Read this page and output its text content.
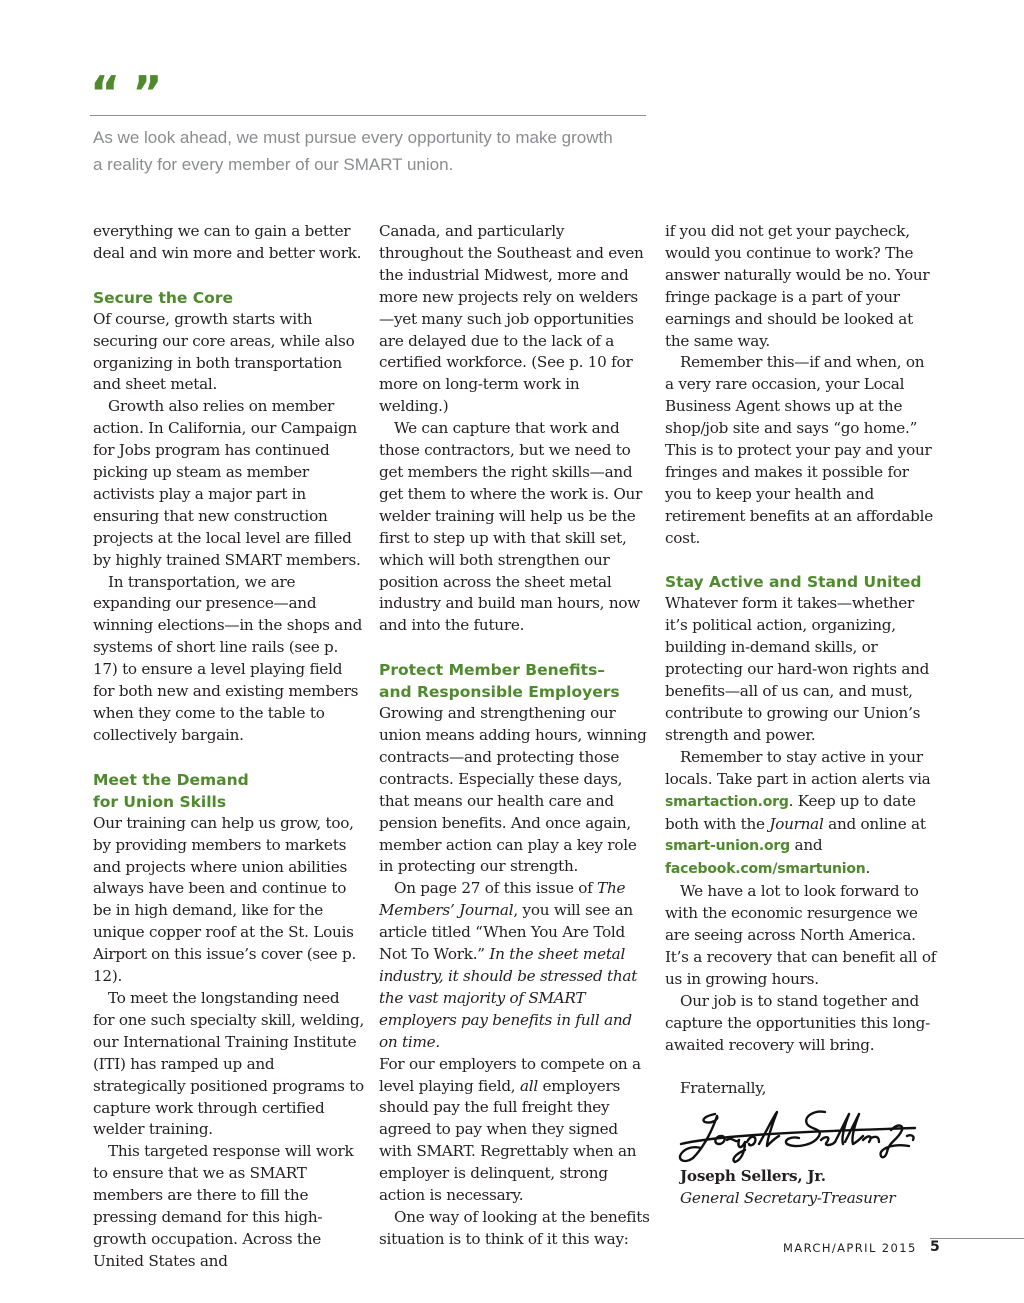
“ ”

As we look ahead, we must pursue every opportunity to make growth
a reality for every member of our SMART union.

everything we can to gain a better deal and win more and better work.

Secure the Core

Of course, growth starts with securing our core areas, while also organizing in both transportation and sheet metal.

Growth also relies on member action. In California, our Campaign for Jobs program has continued picking up steam as member activists play a major part in ensuring that new construction projects at the local level are filled by highly trained SMART members.

In transportation, we are expanding our presence—and winning elections—in the shops and systems of short line rails (see p. 17) to ensure a level playing field for both new and existing members when they come to the table to collectively bargain.

Meet the Demand
for Union Skills

Our training can help us grow, too, by providing members to markets and projects where union abilities always have been and continue to be in high demand, like for the unique copper roof at the St. Louis Airport on this issue’s cover (see p. 12).

To meet the longstanding need for one such specialty skill, welding, our International Training Institute (ITI) has ramped up and strategically positioned programs to capture work through certified welder training.

This targeted response will work to ensure that we as SMART members are there to fill the pressing demand for this high-growth occupation. Across the United States and

Canada, and particularly throughout the Southeast and even the industrial Midwest, more and more new projects rely on welders—yet many such job opportunities are delayed due to the lack of a certified workforce. (See p. 10 for more on long-term work in welding.)

We can capture that work and those contractors, but we need to get members the right skills—and get them to where the work is. Our welder training will help us be the first to step up with that skill set, which will both strengthen our position across the sheet metal industry and build man hours, now and into the future.

Protect Member Benefits–
and Responsible Employers

Growing and strengthening our union means adding hours, winning contracts—and protecting those contracts. Especially these days, that means our health care and pension benefits. And once again, member action can play a key role in protecting our strength.

On page 27 of this issue of The Members’ Journal, you will see an article titled “When You Are Told Not To Work.” In the sheet metal industry, it should be stressed that the vast majority of SMART employers pay benefits in full and on time.

For our employers to compete on a level playing field, all employers should pay the full freight they agreed to pay when they signed with SMART. Regrettably when an employer is delinquent, strong action is necessary.

One way of looking at the benefits situation is to think of it this way:

if you did not get your paycheck, would you continue to work? The answer naturally would be no. Your fringe package is a part of your earnings and should be looked at the same way.

Remember this—if and when, on a very rare occasion, your Local Business Agent shows up at the shop/job site and says “go home.” This is to protect your pay and your fringes and makes it possible for you to keep your health and retirement benefits at an affordable cost.

Stay Active and Stand United

Whatever form it takes—whether it’s political action, organizing, building in-demand skills, or protecting our hard-won rights and benefits—all of us can, and must, contribute to growing our Union’s strength and power.

Remember to stay active in your locals. Take part in action alerts via smartaction.org. Keep up to date both with the Journal and online at smart-union.org and facebook.com/smartunion.

We have a lot to look forward to with the economic resurgence we are seeing across North America. It’s a recovery that can benefit all of us in growing hours.

Our job is to stand together and capture the opportunities this long-awaited recovery will bring.

Fraternally,

Joseph Sellers, Jr.
General Secretary-Treasurer
MARCH/APRIL 2015 5
